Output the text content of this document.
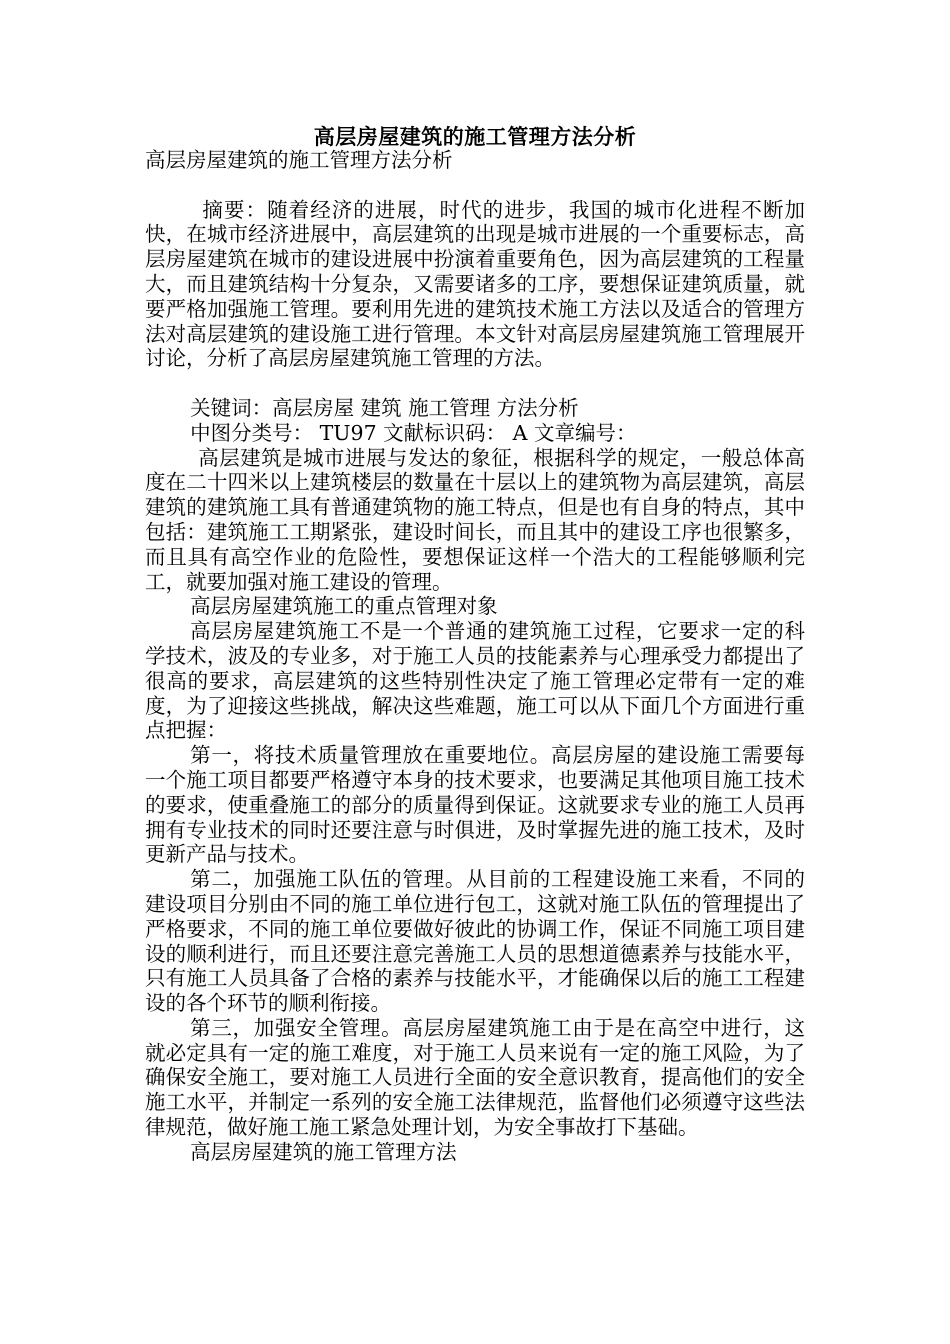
高层房屋建筑的施工管理方法分析

高层房屋建筑的施工管理方法分析

摘要：随着经济的进展，时代的进步，我国的城市化进程不断加快，在城市经济进展中，高层建筑的出现是城市进展的一个重要标志，高层房屋建筑在城市的建设进展中扮演着重要角色，因为高层建筑的工程量大，而且建筑结构十分复杂，又需要诸多的工序，要想保证建筑质量，就要严格加强施工管理。要利用先进的建筑技术施工方法以及适合的管理方法对高层建筑的建设施工进行管理。本文针对高层房屋建筑施工管理展开讨论，分析了高层房屋建筑施工管理的方法。

关键词：高层房屋 建筑 施工管理 方法分析

中图分类号： TU97 文献标识码： A 文章编号：

高层建筑是城市进展与发达的象征，根据科学的规定，一般总体高度在二十四米以上建筑楼层的数量在十层以上的建筑物为高层建筑，高层建筑的建筑施工具有普通建筑物的施工特点，但是也有自身的特点，其中包括：建筑施工工期紧张，建设时间长，而且其中的建设工序也很繁多，而且具有高空作业的危险性，要想保证这样一个浩大的工程能够顺利完工，就要加强对施工建设的管理。

高层房屋建筑施工的重点管理对象

高层房屋建筑施工不是一个普通的建筑施工过程，它要求一定的科学技术，波及的专业多，对于施工人员的技能素养与心理承受力都提出了很高的要求，高层建筑的这些特别性决定了施工管理必定带有一定的难度，为了迎接这些挑战，解决这些难题，施工可以从下面几个方面进行重点把握：

第一，将技术质量管理放在重要地位。高层房屋的建设施工需要每一个施工项目都要严格遵守本身的技术要求，也要满足其他项目施工技术的要求，使重叠施工的部分的质量得到保证。这就要求专业的施工人员再拥有专业技术的同时还要注意与时俱进，及时掌握先进的施工技术，及时更新产品与技术。

第二，加强施工队伍的管理。从目前的工程建设施工来看，不同的建设项目分别由不同的施工单位进行包工，这就对施工队伍的管理提出了严格要求，不同的施工单位要做好彼此的协调工作，保证不同施工项目建设的顺利进行，而且还要注意完善施工人员的思想道德素养与技能水平，只有施工人员具备了合格的素养与技能水平，才能确保以后的施工工程建设的各个环节的顺利衔接。

第三，加强安全管理。高层房屋建筑施工由于是在高空中进行，这就必定具有一定的施工难度，对于施工人员来说有一定的施工风险，为了确保安全施工，要对施工人员进行全面的安全意识教育，提高他们的安全施工水平，并制定一系列的安全施工法律规范，监督他们必须遵守这些法律规范，做好施工施工紧急处理计划，为安全事故打下基础。

高层房屋建筑的施工管理方法
